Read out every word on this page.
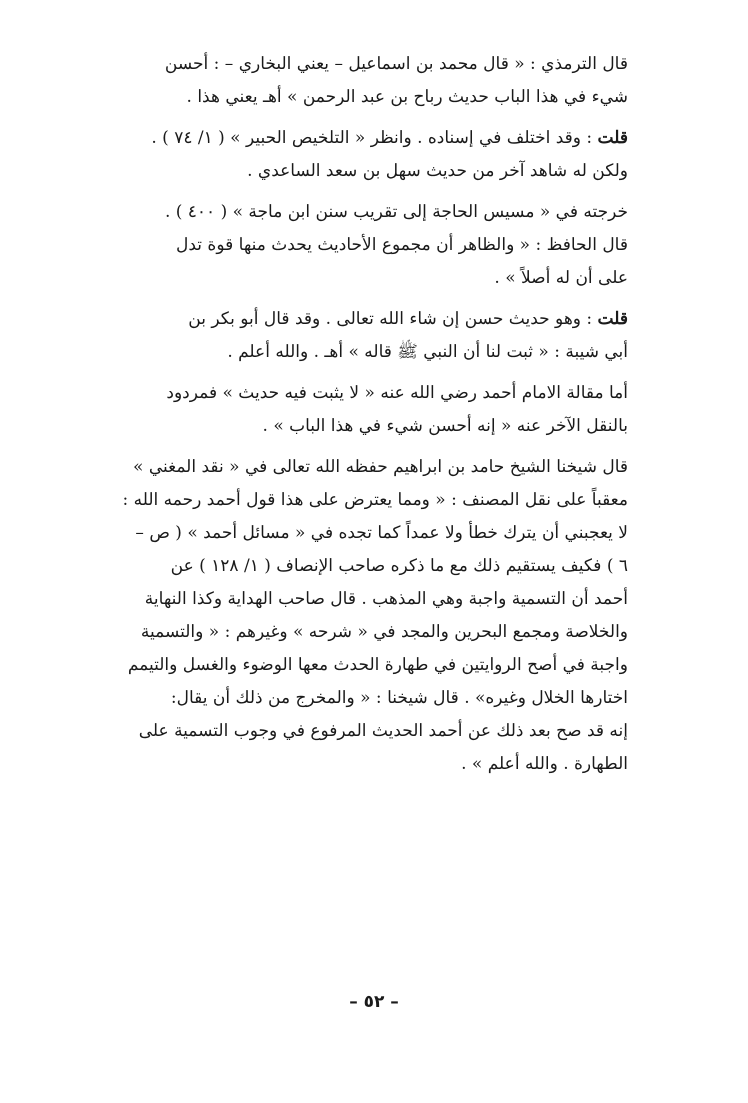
قال الترمذي : « قال محمد بن اسماعيل – يعني البخاري – : أحسن
شيء في هذا الباب حديث رباح بن عبد الرحمن » أهـ يعني هذا .

قلت : وقد اختلف في إسناده . وانظر « التلخيص الحبير » ( ١/ ٧٤ ) .

ولكن له شاهد آخر من حديث سهل بن سعد الساعدي .

خرجته في « مسيس الحاجة إلى تقريب سنن ابن ماجة » ( ٤٠٠ ) .

قال الحافظ : « والظاهر أن مجموع الأحاديث يحدث منها قوة تدل
على أن له أصلاً » .

قلت : وهو حديث حسن إن شاء الله تعالى . وقد قال أبو بكر بن
أبي شيبة : « ثبت لنا أن النبي ﷺ قاله » أهـ . والله أعلم .

أما مقالة الامام أحمد رضي الله عنه « لا يثبت فيه حديث » فمردود
بالنقل الآخر عنه « إنه أحسن شيء في هذا الباب » .

قال شيخنا الشيخ حامد بن ابراهيم حفظه الله تعالى في « نقد المغني »
معقباً على نقل المصنف : « ومما يعترض على هذا قول أحمد رحمه الله :
لا يعجبني أن يترك خطأ ولا عمداً كما تجده في « مسائل أحمد » ( ص –
٦ ) فكيف يستقيم ذلك مع ما ذكره صاحب الإنصاف ( ١/ ١٢٨ ) عن
أحمد أن التسمية واجبة وهي المذهب . قال صاحب الهداية وكذا النهاية
والخلاصة ومجمع البحرين والمجد في « شرحه » وغيرهم : « والتسمية
واجبة في أصح الروايتين في طهارة الحدث معها الوضوء والغسل والتيمم
اختارها الخلال وغيره» . قال شيخنا : « والمخرج من ذلك أن يقال:
إنه قد صح بعد ذلك عن أحمد الحديث المرفوع في وجوب التسمية على
الطهارة . والله أعلم » .

– ٥٢ –
